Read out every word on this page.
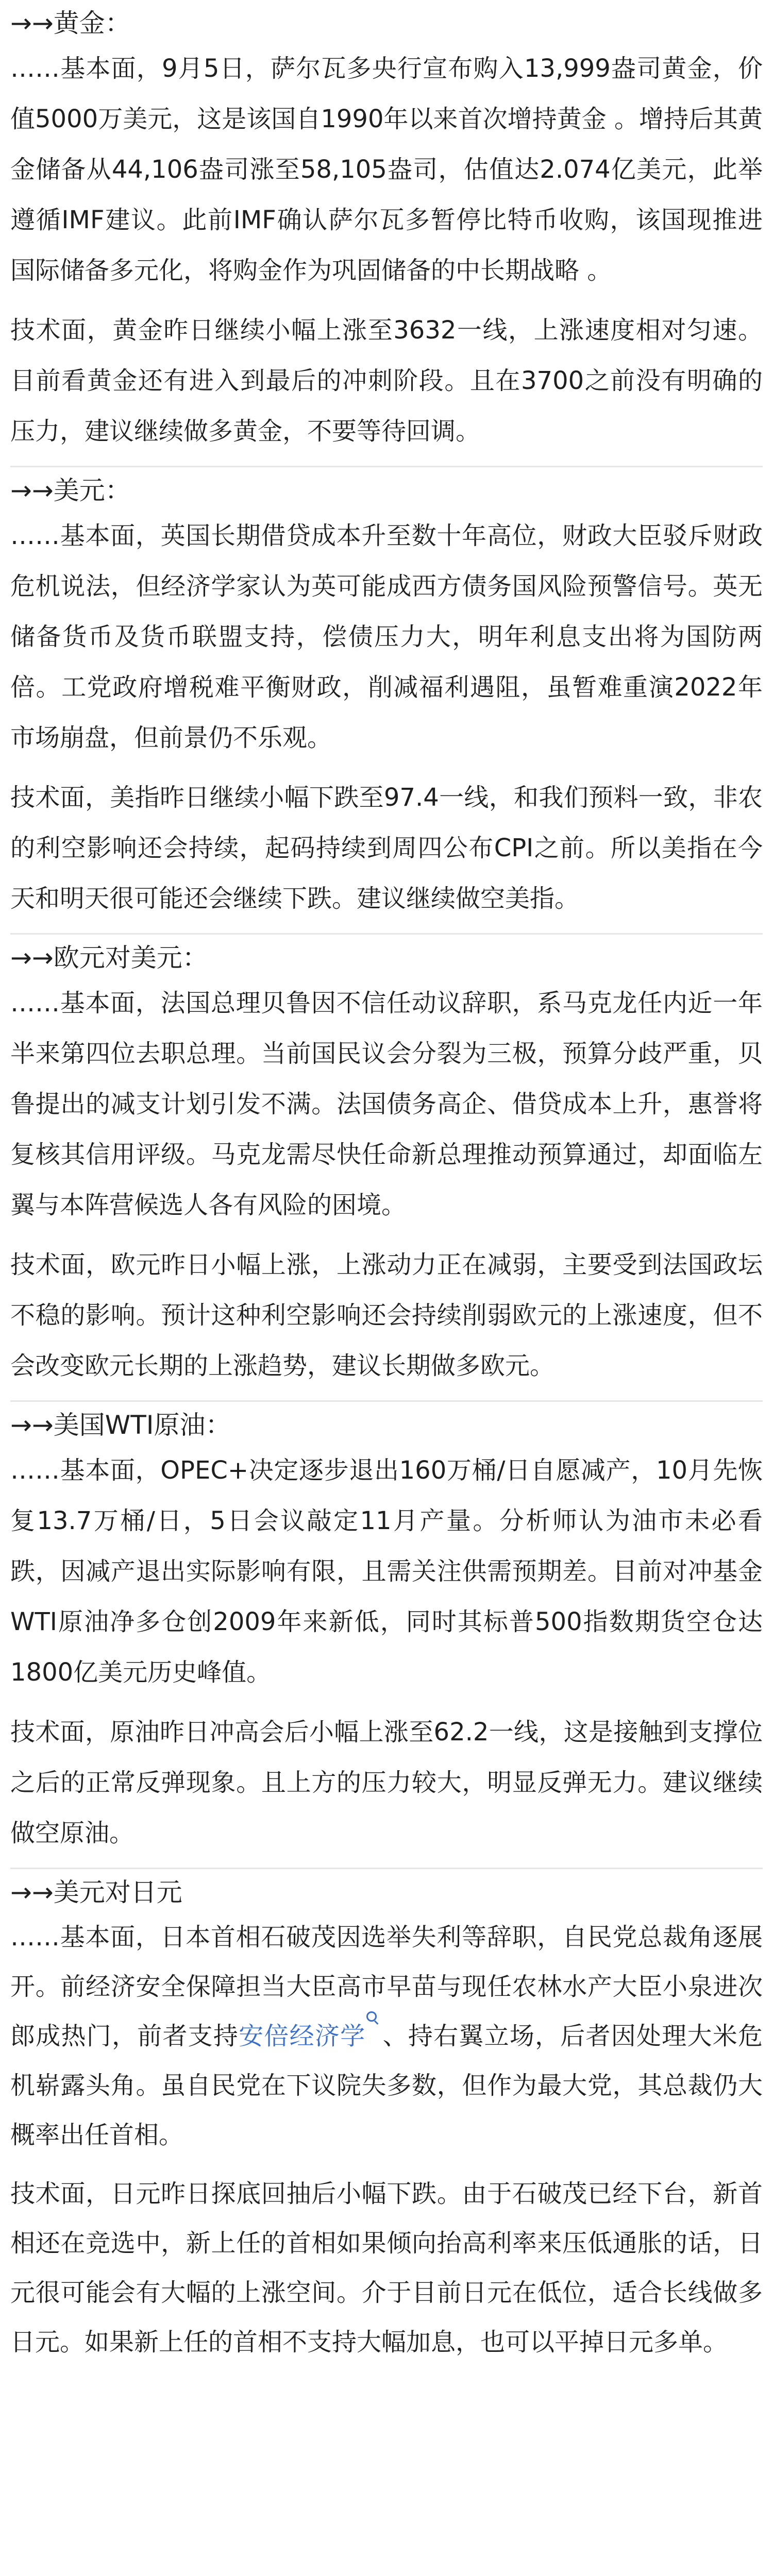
→→黄金：

……基本面，9月5日，萨尔瓦多央行宣布购入13,999盎司黄金，价值5000万美元，这是该国自1990年以来首次增持黄金 。增持后其黄金储备从44,106盎司涨至58,105盎司，估值达2.074亿美元，此举遵循IMF建议。此前IMF确认萨尔瓦多暂停比特币收购，该国现推进国际储备多元化，将购金作为巩固储备的中长期战略 。

技术面，黄金昨日继续小幅上涨至3632一线，上涨速度相对匀速。目前看黄金还有进入到最后的冲刺阶段。且在3700之前没有明确的压力，建议继续做多黄金，不要等待回调。

→→美元：

……基本面，英国长期借贷成本升至数十年高位，财政大臣驳斥财政危机说法，但经济学家认为英可能成西方债务国风险预警信号。英无储备货币及货币联盟支持，偿债压力大，明年利息支出将为国防两倍。工党政府增税难平衡财政，削减福利遇阻，虽暂难重演2022年市场崩盘，但前景仍不乐观。

技术面，美指昨日继续小幅下跌至97.4一线，和我们预料一致，非农的利空影响还会持续，起码持续到周四公布CPI之前。所以美指在今天和明天很可能还会继续下跌。建议继续做空美指。

→→欧元对美元：

……基本面，法国总理贝鲁因不信任动议辞职，系马克龙任内近一年半来第四位去职总理。当前国民议会分裂为三极，预算分歧严重，贝鲁提出的减支计划引发不满。法国债务高企、借贷成本上升，惠誉将复核其信用评级。马克龙需尽快任命新总理推动预算通过，却面临左翼与本阵营候选人各有风险的困境。

技术面，欧元昨日小幅上涨，上涨动力正在减弱，主要受到法国政坛不稳的影响。预计这种利空影响还会持续削弱欧元的上涨速度，但不会改变欧元长期的上涨趋势，建议长期做多欧元。

→→美国WTI原油：

……基本面，OPEC+决定逐步退出160万桶/日自愿减产，10月先恢复13.7万桶/日，5日会议敲定11月产量。分析师认为油市未必看跌，因减产退出实际影响有限，且需关注供需预期差。目前对冲基金WTI原油净多仓创2009年来新低，同时其标普500指数期货空仓达1800亿美元历史峰值。

技术面，原油昨日冲高会后小幅上涨至62.2一线，这是接触到支撑位之后的正常反弹现象。且上方的压力较大，明显反弹无力。建议继续做空原油。

→→美元对日元

……基本面，日本首相石破茂因选举失利等辞职，自民党总裁角逐展开。前经济安全保障担当大臣高市早苗与现任农林水产大臣小泉进次郎成热门，前者支持安倍经济学 、持右翼立场，后者因处理大米危机崭露头角。虽自民党在下议院失多数，但作为最大党，其总裁仍大概率出任首相。

技术面，日元昨日探底回抽后小幅下跌。由于石破茂已经下台，新首相还在竞选中，新上任的首相如果倾向抬高利率来压低通胀的话，日元很可能会有大幅的上涨空间。介于目前日元在低位，适合长线做多日元。如果新上任的首相不支持大幅加息，也可以平掉日元多单。
